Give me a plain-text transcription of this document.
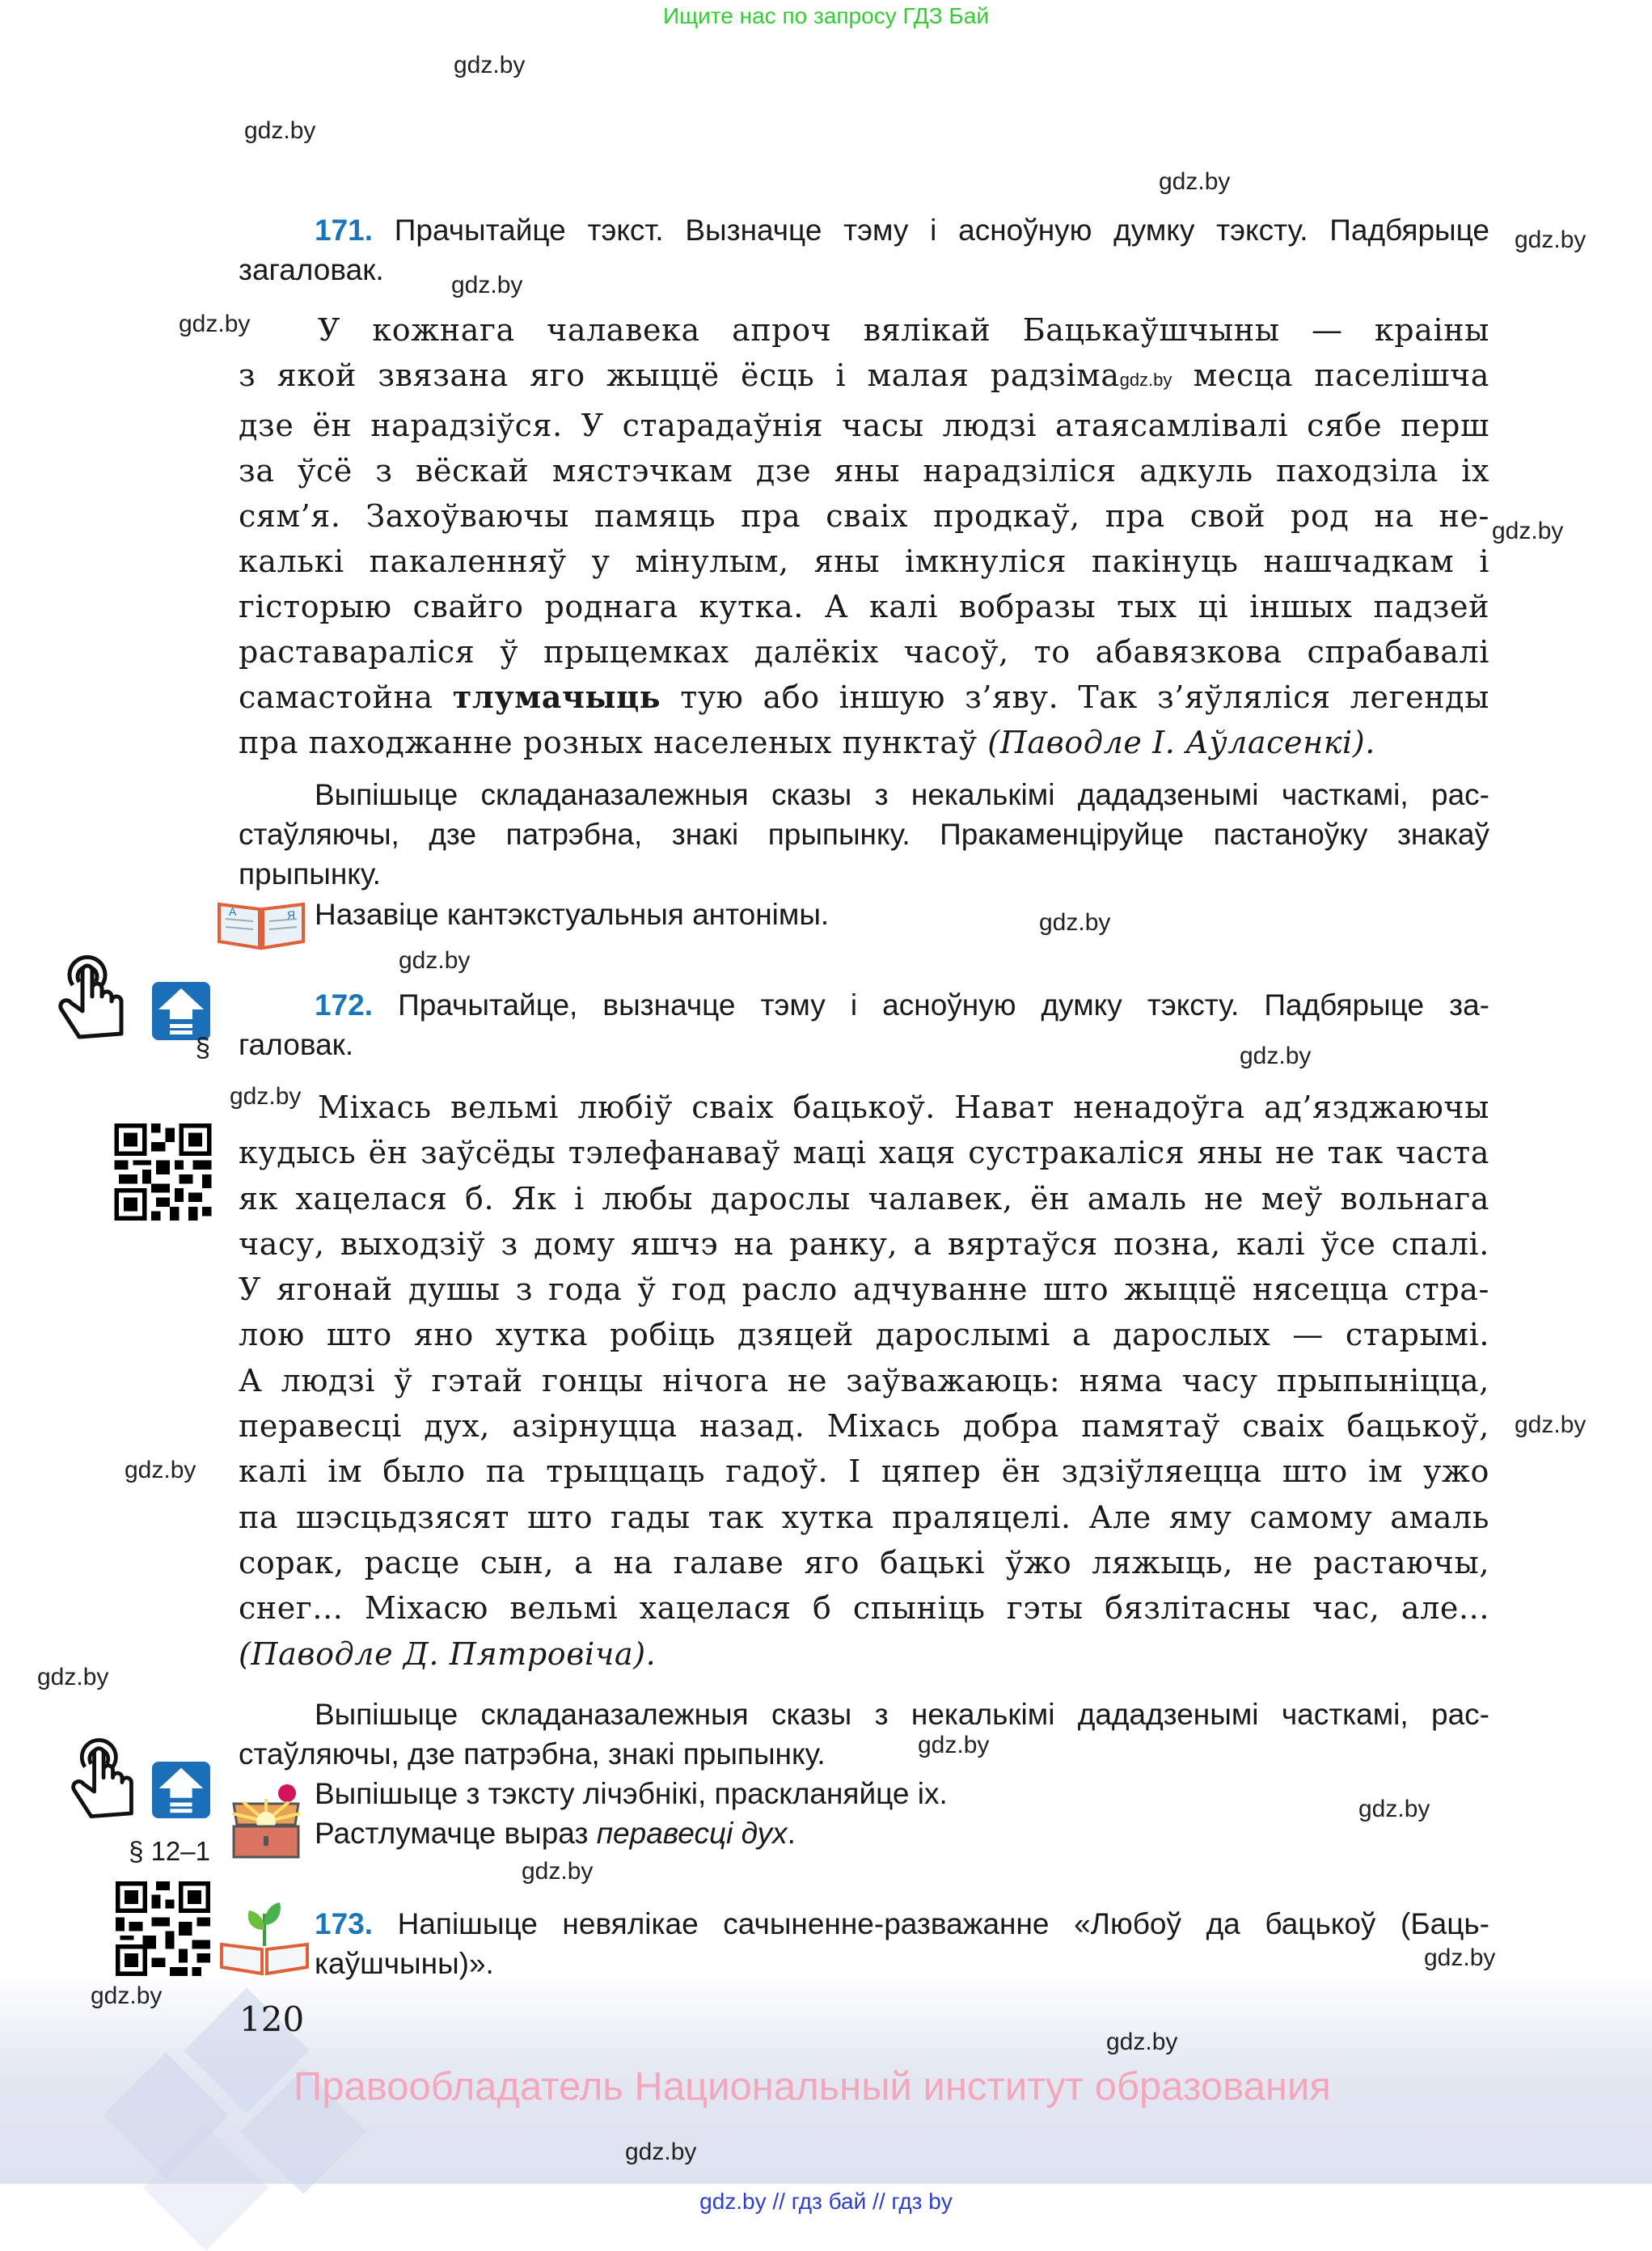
Ищите нас по запросу ГДЗ Бай
gdz.by
gdz.by
gdz.by
gdz.by
gdz.by
gdz.by
gdz.by
gdz.by
gdz.by
gdz.by
gdz.by
gdz.by
gdz.by
gdz.by
gdz.by
gdz.by
gdz.by
gdz.by
gdz.by
gdz.by
gdz.by
171. Прачытайце тэкст. Вызначце тэму і асноўную думку тэксту. Падбярыце
загаловак.
У кожнага чалавека апроч вялікай Бацькаўшчыны — краіны
з якой звязана яго жыццё ёсць і малая радзімаgdz.by месца паселішча
дзе ён нарадзіўся. У старадаўнія часы людзі атаясамлівалі сябе перш
за ўсё з вёскай мястэчкам дзе яны нарадзіліся адкуль паходзіла іх
сям’я. Захоўваючы памяць пра сваіх продкаў, пра свой род на не-
калькі пакаленняў у мінулым, яны імкнуліся пакінуць нашчадкам і
гісторыю свайго роднага кутка. А калі вобразы тых ці іншых падзей
раставараліся ў прыцемках далёкіх часоў, то абавязкова спрабавалі
самастойна тлумачыць тую або іншую з’яву. Так з’яўляліся легенды
пра паходжанне розных населеных пунктаў (Паводле І. Аўласенкі).
Выпішыце складаназалежныя сказы з некалькімі дададзенымі часткамі, рас-
стаўляючы, дзе патрэбна, знакі прыпынку. Пракаменціруйце пастаноўку знакаў
прыпынку.
А	Я Назавіце кантэкстуальныя антонімы.
§
172. Прачытайце, вызначце тэму і асноўную думку тэксту. Падбярыце за-
галовак.
Міхась вельмі любіў сваіх бацькоў. Нават ненадоўга ад’язджаючы
кудысь ён заўсёды тэлефанаваў маці хаця сустракаліся яны не так часта
як хацелася б. Як і любы дарослы чалавек, ён амаль не меў вольнага
часу, выходзіў з дому яшчэ на ранку, а вяртаўся позна, калі ўсе спалі.
У ягонай душы з года ў год расло адчуванне што жыццё нясецца стра-
лою што яно хутка робіць дзяцей дарослымі а дарослых — старымі.
А людзі ў гэтай гонцы нічога не заўважаюць: няма часу прыпыніцца,
перавесці дух, азірнуцца назад. Міхась добра памятаў сваіх бацькоў,
калі ім было па трыццаць гадоў. І цяпер ён здзіўляецца што ім ужо
па шэсцьдзясят што гады так хутка праляцелі. Але яму самому амаль
сорак, расце сын, а на галаве яго бацькі ўжо ляжыць, не растаючы,
снег... Міхасю вельмі хацелася б спыніць гэты бязлітасны час, але...
(Паводле Д. Пятровіча).
Выпішыце складаназалежныя сказы з некалькімі дададзенымі часткамі, рас-
стаўляючы, дзе патрэбна, знакі прыпынку.
Выпішыце з тэксту лічэбнікі, праскланяйце іх.
Растлумачце выраз перавесці дух.
§ 12–1
173. Напішыце невялікае сачыненне-разважанне «Любоў да бацькоў (Баць-
каўшчыны)».
120
Правообладатель Национальный институт образования
gdz.by // гдз бай // гдз by
